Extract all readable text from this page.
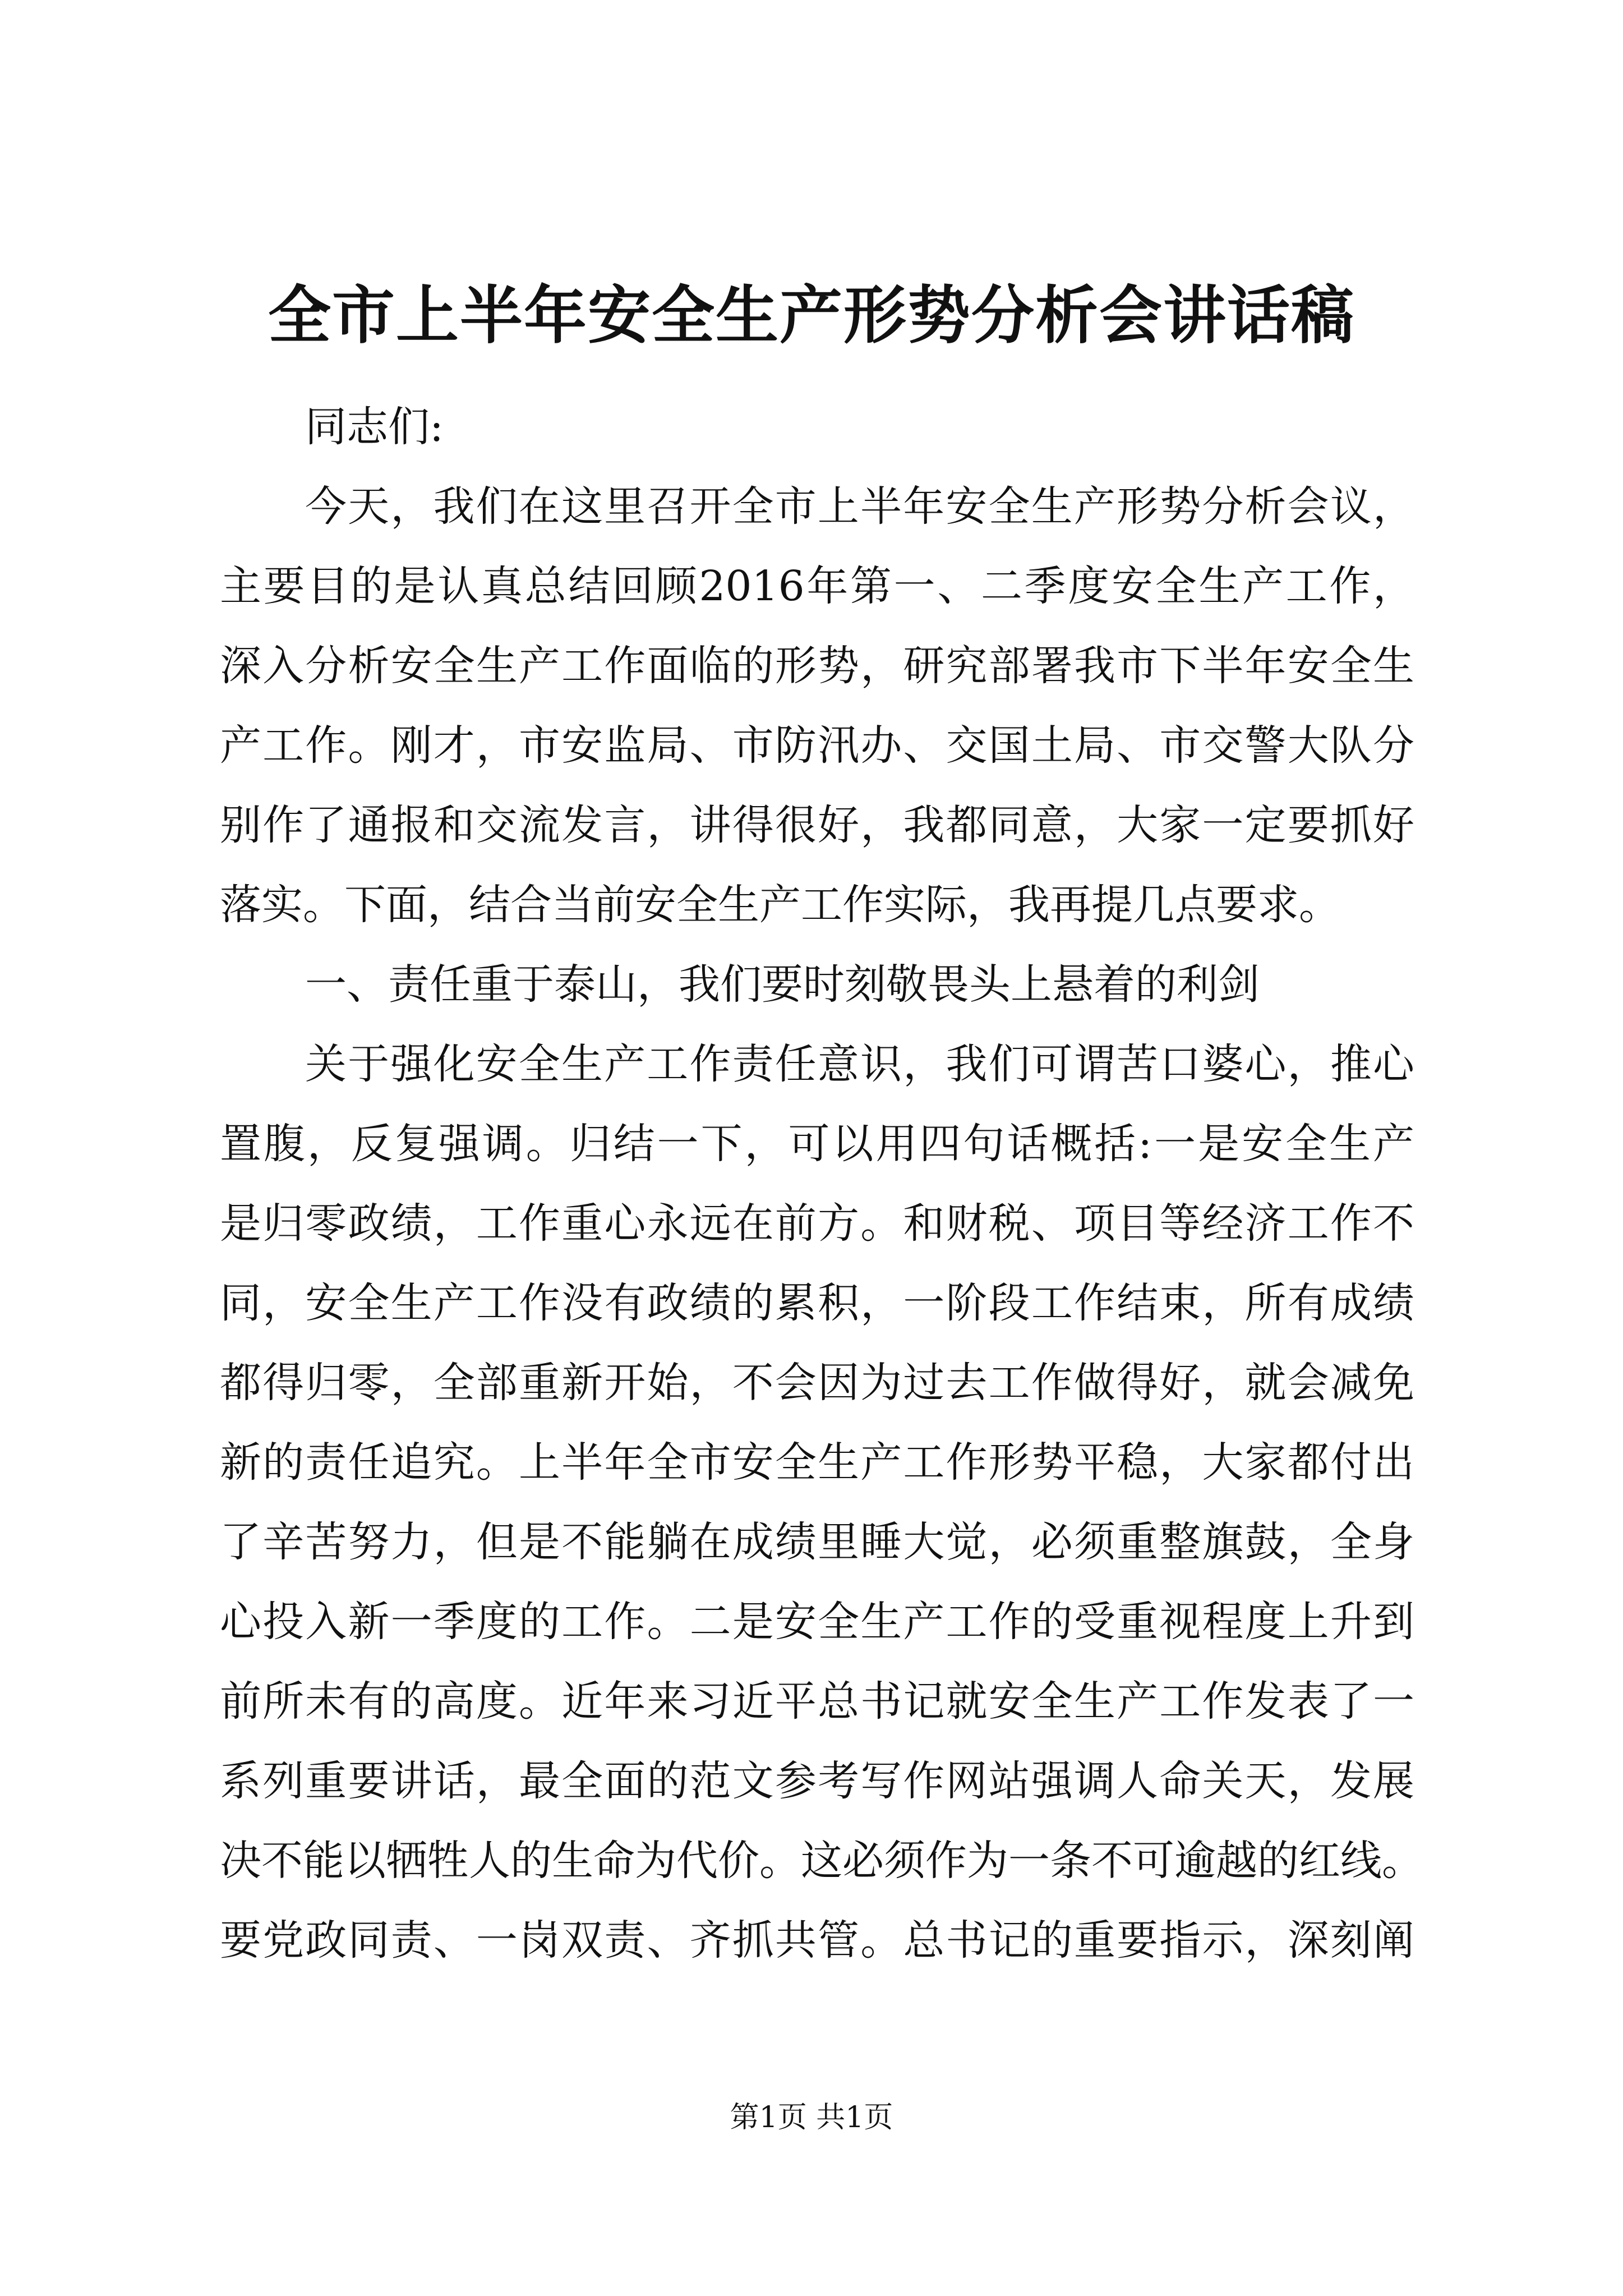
全市上半年安全生产形势分析会讲话稿
同志们:
今天，我们在这里召开全市上半年安全生产形势分析会议，
主要目的是认真总结回顾2016年第一、二季度安全生产工作，
深入分析安全生产工作面临的形势，研究部署我市下半年安全生
产工作。刚才，市安监局、市防汛办、交国土局、市交警大队分
别作了通报和交流发言，讲得很好，我都同意，大家一定要抓好
落实。下面，结合当前安全生产工作实际，我再提几点要求。
一、责任重于泰山，我们要时刻敬畏头上悬着的利剑
关于强化安全生产工作责任意识，我们可谓苦口婆心，推心
置腹，反复强调。归结一下，可以用四句话概括:一是安全生产
是归零政绩，工作重心永远在前方。和财税、项目等经济工作不
同，安全生产工作没有政绩的累积，一阶段工作结束，所有成绩
都得归零，全部重新开始，不会因为过去工作做得好，就会减免
新的责任追究。上半年全市安全生产工作形势平稳，大家都付出
了辛苦努力，但是不能躺在成绩里睡大觉，必须重整旗鼓，全身
心投入新一季度的工作。二是安全生产工作的受重视程度上升到
前所未有的高度。近年来习近平总书记就安全生产工作发表了一
系列重要讲话，最全面的范文参考写作网站强调人命关天，发展
决不能以牺牲人的生命为代价。这必须作为一条不可逾越的红线。
要党政同责、一岗双责、齐抓共管。总书记的重要指示，深刻阐
第1页 共1页
